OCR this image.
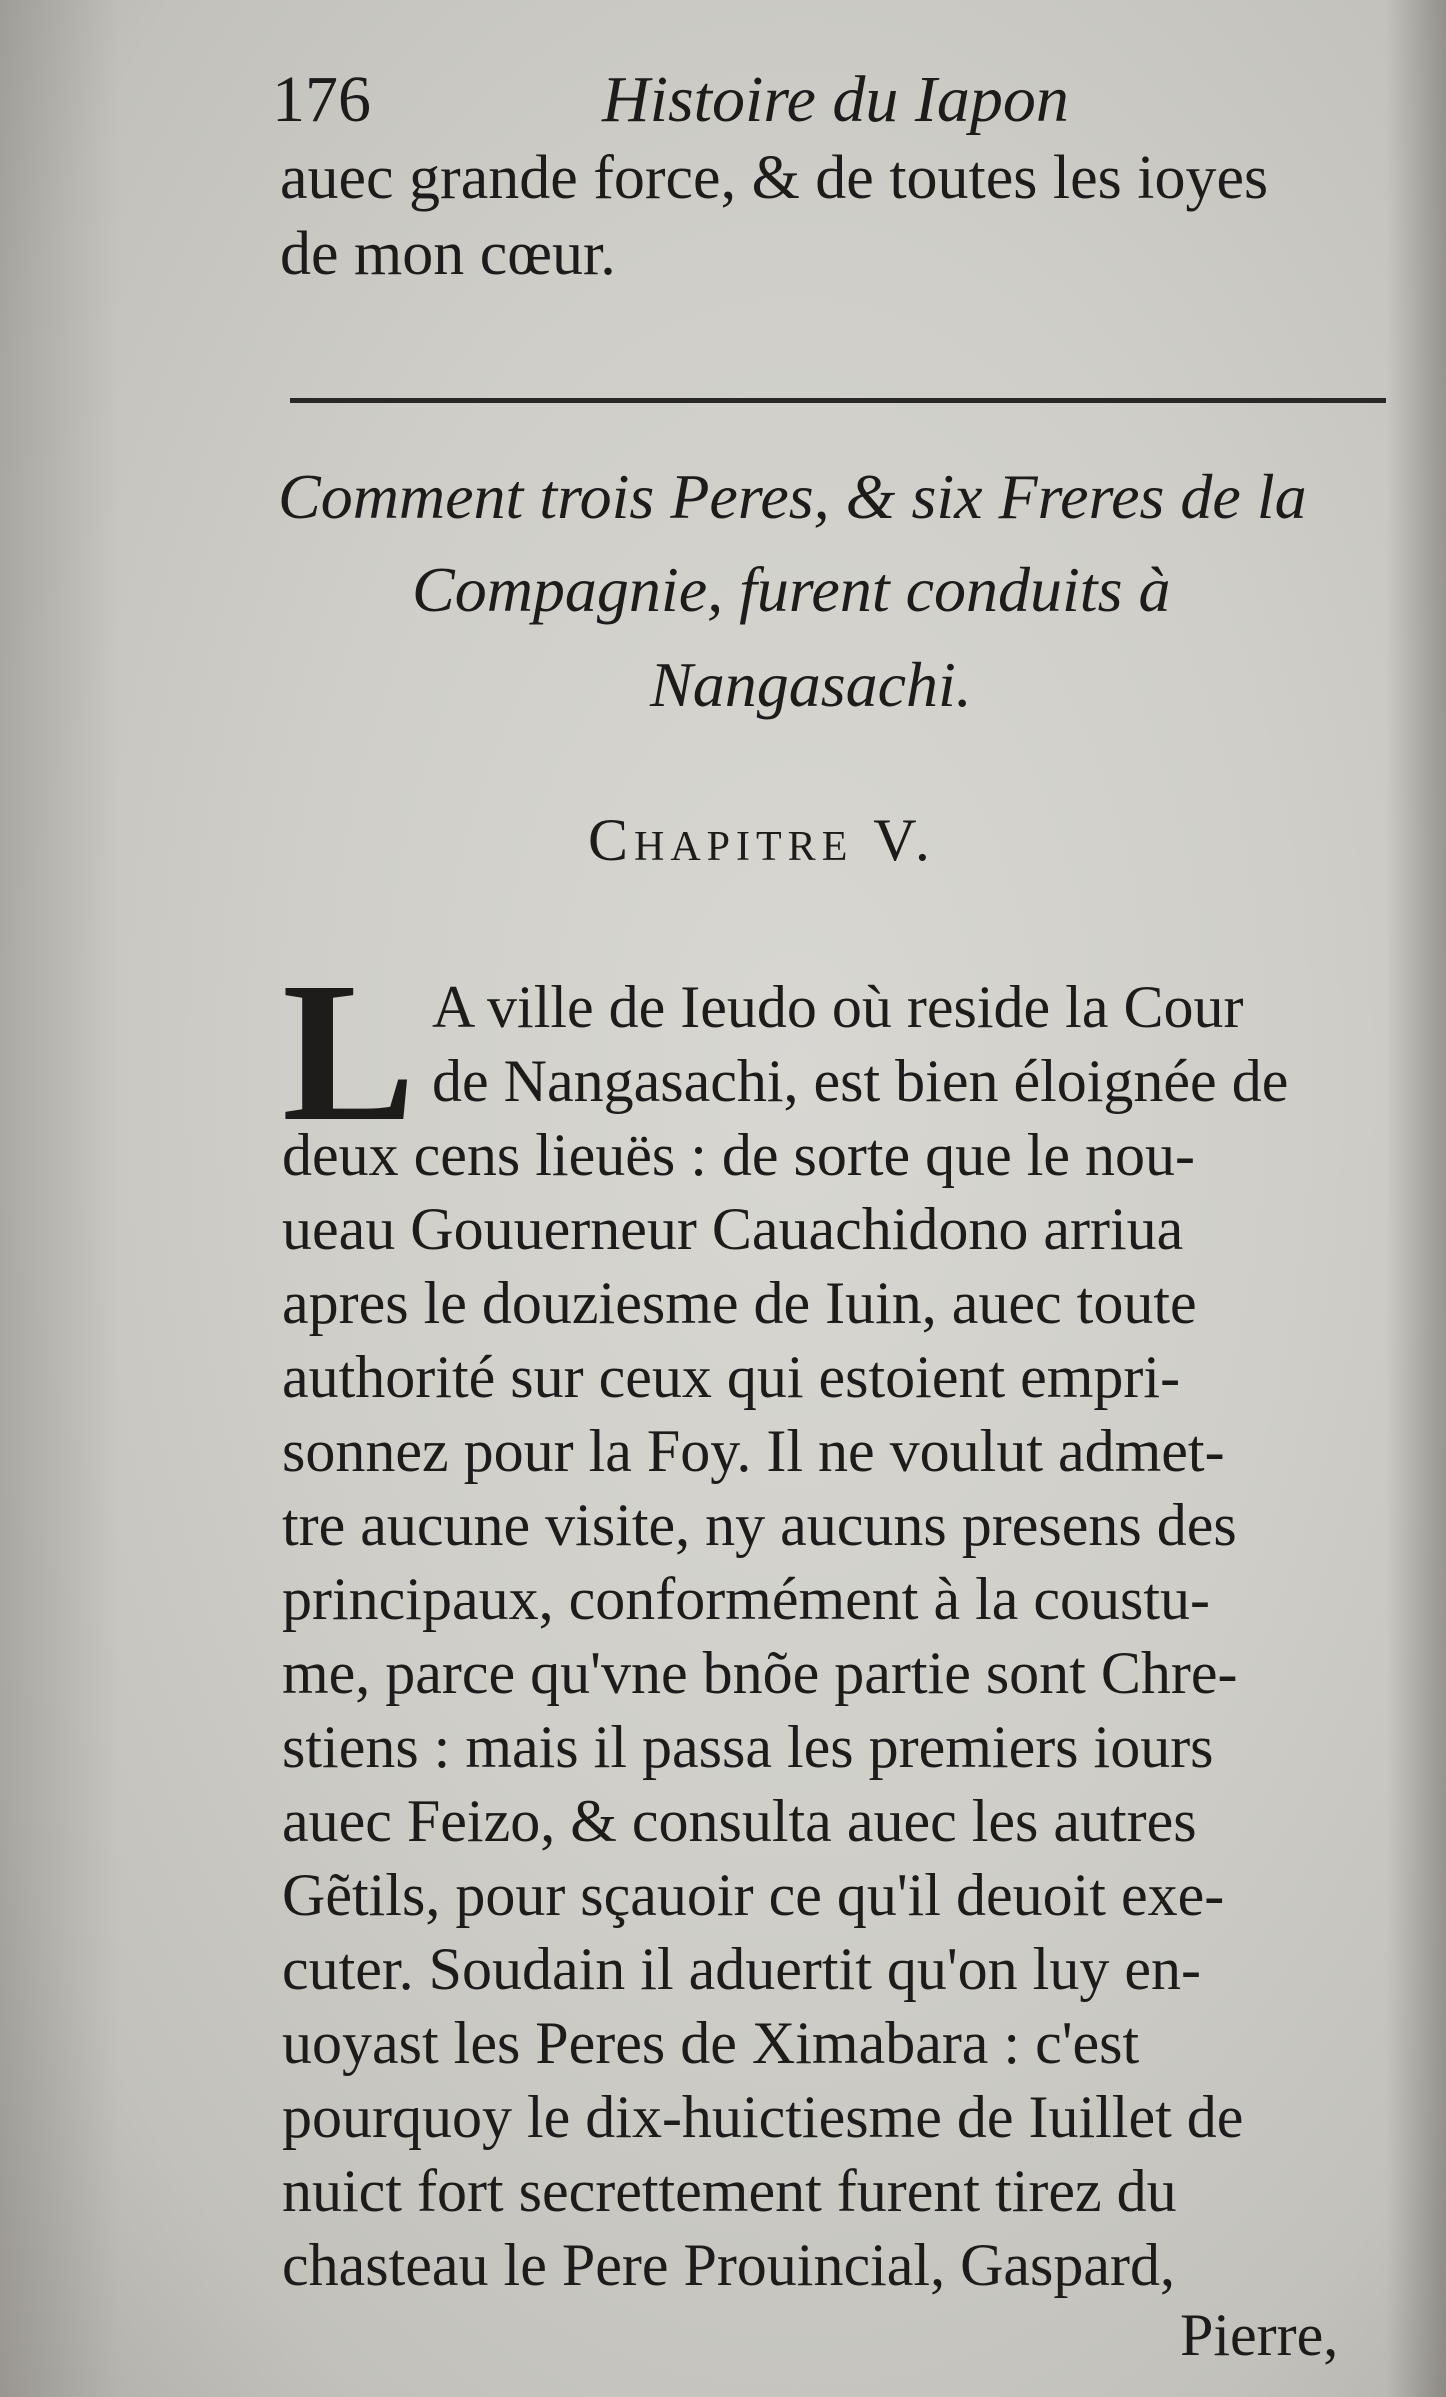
176	Histoire du Iapon
auec grande force, & de toutes les ioyes
de mon cœur.
Comment trois Peres, & six Freres de la
Compagnie, furent conduits à
Nangasachi.
Chapitre V.
L A ville de Ieudo où reside la Cour
de Nangasachi, est bien éloignée de
deux cens lieuës : de sorte que le nou-
ueau Gouuerneur Cauachidono arriua
apres le douziesme de Iuin, auec toute
authorité sur ceux qui estoient empri-
sonnez pour la Foy. Il ne voulut admet-
tre aucune visite, ny aucuns presens des
principaux, conformément à la coustu-
me, parce qu'vne bnõe partie sont Chre-
stiens : mais il passa les premiers iours
auec Feizo, & consulta auec les autres
Gẽtils, pour sçauoir ce qu'il deuoit exe-
cuter. Soudain il aduertit qu'on luy en-
uoyast les Peres de Ximabara : c'est
pourquoy le dix-huictiesme de Iuillet de
nuict fort secrettement furent tirez du
chasteau le Pere Prouincial, Gaspard,
Pierre,
